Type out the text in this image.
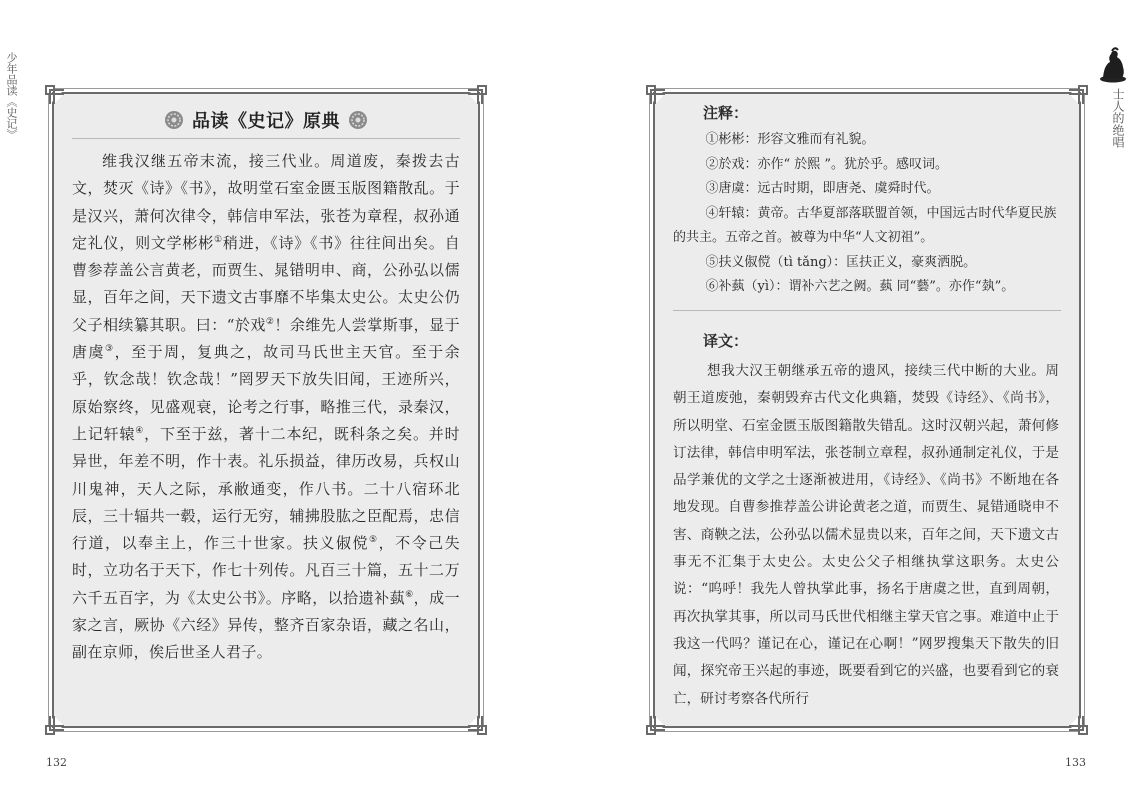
少年品读《史记》	士人的绝唱
品读《史记》原典

维我汉继五帝末流，接三代业。周道废，秦拨去古文，焚灭《诗》《书》，故明堂石室金匮玉版图籍散乱。于是汉兴，萧何次律令，韩信申军法，张苍为章程，叔孙通定礼仪，则文学彬彬①稍进，《诗》《书》往往间出矣。自曹参荐盖公言黄老，而贾生、晁错明申、商，公孙弘以儒显，百年之间，天下遗文古事靡不毕集太史公。太史公仍父子相续纂其职。曰：“於戏②！余维先人尝掌斯事，显于唐虞③，至于周，复典之，故司马氏世主天官。至于余乎，钦念哉！钦念哉！”罔罗天下放失旧闻，王迹所兴，原始察终，见盛观衰，论考之行事，略推三代，录秦汉，上记轩辕④，下至于兹，著十二本纪，既科条之矣。并时异世，年差不明，作十表。礼乐损益，律历改易，兵权山川鬼神，天人之际，承敝通变，作八书。二十八宿环北辰，三十辐共一毂，运行无穷，辅拂股肱之臣配焉，忠信行道，以奉主上，作三十世家。扶义俶傥⑤，不令己失时，立功名于天下，作七十列传。凡百三十篇，五十二万六千五百字，为《太史公书》。序略，以拾遗补蓺⑥，成一家之言，厥协《六经》异传，整齐百家杂语，藏之名山，副在京师，俟后世圣人君子。

注释：
①彬彬：形容文雅而有礼貌。
②於戏：亦作“ 於熙 ”。犹於乎。感叹词。
③唐虞：远古时期，即唐尧、虞舜时代。
④轩辕：黄帝。古华夏部落联盟首领，中国远古时代华夏民族的共主。五帝之首。被尊为中华“人文初祖”。
⑤扶义俶傥（tì tǎng）：匡扶正义，豪爽洒脱。
⑥补蓺（yì）：谓补六艺之阙。蓺 同“藝”。亦作“埶”。
译文：

想我大汉王朝继承五帝的遗风，接续三代中断的大业。周朝王道废弛，秦朝毁弃古代文化典籍，焚毁《诗经》、《尚书》，所以明堂、石室金匮玉版图籍散失错乱。这时汉朝兴起，萧何修订法律，韩信申明军法，张苍制立章程，叔孙通制定礼仪，于是品学兼优的文学之士逐渐被进用，《诗经》、《尚书》不断地在各地发现。自曹参推荐盖公讲论黄老之道，而贾生、晁错通晓申不害、商鞅之法，公孙弘以儒术显贵以来，百年之间，天下遗文古事无不汇集于太史公。太史公父子相继执掌这职务。太史公说：“呜呼！我先人曾执掌此事，扬名于唐虞之世，直到周朝，再次执掌其事，所以司马氏世代相继主掌天官之事。难道中止于我这一代吗？谨记在心，谨记在心啊！”网罗搜集天下散失的旧闻，探究帝王兴起的事迹，既要看到它的兴盛，也要看到它的衰亡，研讨考察各代所行

132	133
